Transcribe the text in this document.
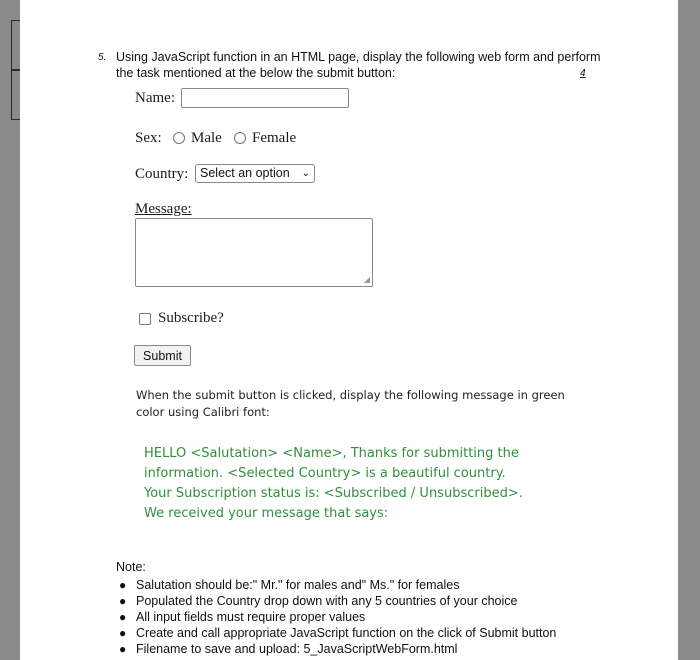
5. Using JavaScript function in an HTML page, display the following web form and perform
the task mentioned at the below the submit button:	4
Name:
Sex: Male Female
Country: Select an option ⌄
Message:
◢
Subscribe?
Submit
When the submit button is clicked, display the following message in green
color using Calibri font:
HELLO <Salutation> <Name>, Thanks for submitting the
information. <Selected Country> is a beautiful country.
Your Subscription status is: <Subscribed / Unsubscribed>.
We received your message that says:
Note:
● Salutation should be:" Mr." for males and" Ms." for females
● Populated the Country drop down with any 5 countries of your choice
● All input fields must require proper values
● Create and call appropriate JavaScript function on the click of Submit button
● Filename to save and upload: 5_JavaScriptWebForm.html
